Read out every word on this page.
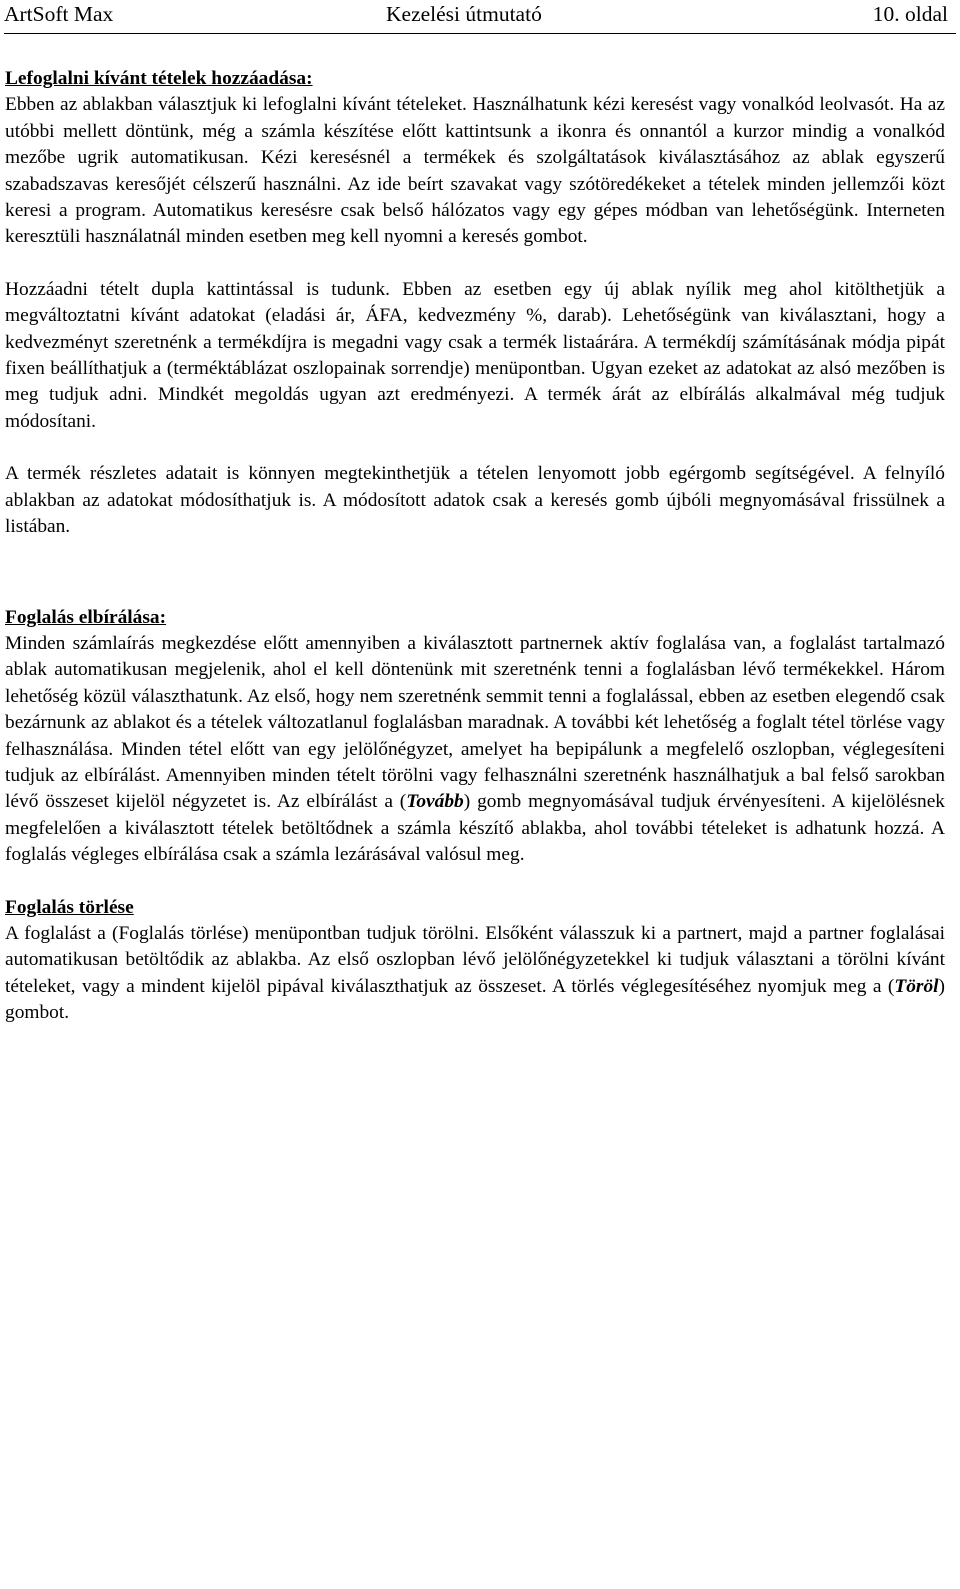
ArtSoft Max	Kezelési útmutató	10. oldal

Lefoglalni kívánt tételek hozzáadása:

Ebben az ablakban választjuk ki lefoglalni kívánt tételeket. Használhatunk kézi keresést vagy vonalkód leolvasót. Ha az utóbbi mellett döntünk, még a számla készítése előtt kattintsunk a ikonra és onnantól a kurzor mindig a vonalkód mezőbe ugrik automatikusan. Kézi keresésnél a termékek és szolgáltatások kiválasztásához az ablak egyszerű szabadszavas keresőjét célszerű használni. Az ide beírt szavakat vagy szótöredékeket a tételek minden jellemzői közt keresi a program. Automatikus keresésre csak belső hálózatos vagy egy gépes módban van lehetőségünk. Interneten keresztüli használatnál minden esetben meg kell nyomni a keresés gombot.

Hozzáadni tételt dupla kattintással is tudunk. Ebben az esetben egy új ablak nyílik meg ahol kitölthetjük a megváltoztatni kívánt adatokat (eladási ár, ÁFA, kedvezmény %, darab). Lehetőségünk van kiválasztani, hogy a kedvezményt szeretnénk a termékdíjra is megadni vagy csak a termék listaárára. A termékdíj számításának módja pipát fixen beállíthatjuk a (terméktáblázat oszlopainak sorrendje) menüpontban. Ugyan ezeket az adatokat az alsó mezőben is meg tudjuk adni. Mindkét megoldás ugyan azt eredményezi. A termék árát az elbírálás alkalmával még tudjuk módosítani.

A termék részletes adatait is könnyen megtekinthetjük a tételen lenyomott jobb egérgomb segítségével. A felnyíló ablakban az adatokat módosíthatjuk is. A módosított adatok csak a keresés gomb újbóli megnyomásával frissülnek a listában.

Foglalás elbírálása:

Minden számlaírás megkezdése előtt amennyiben a kiválasztott partnernek aktív foglalása van, a foglalást tartalmazó ablak automatikusan megjelenik, ahol el kell döntenünk mit szeretnénk tenni a foglalásban lévő termékekkel. Három lehetőség közül választhatunk. Az első, hogy nem szeretnénk semmit tenni a foglalással, ebben az esetben elegendő csak bezárnunk az ablakot és a tételek változatlanul foglalásban maradnak. A további két lehetőség a foglalt tétel törlése vagy felhasználása. Minden tétel előtt van egy jelölőnégyzet, amelyet ha bepipálunk a megfelelő oszlopban, véglegesíteni tudjuk az elbírálást. Amennyiben minden tételt törölni vagy felhasználni szeretnénk használhatjuk a bal felső sarokban lévő összeset kijelöl négyzetet is. Az elbírálást a (Tovább) gomb megnyomásával tudjuk érvényesíteni. A kijelölésnek megfelelően a kiválasztott tételek betöltődnek a számla készítő ablakba, ahol további tételeket is adhatunk hozzá. A foglalás végleges elbírálása csak a számla lezárásával valósul meg.

Foglalás törlése

A foglalást a (Foglalás törlése) menüpontban tudjuk törölni. Elsőként válasszuk ki a partnert, majd a partner foglalásai automatikusan betöltődik az ablakba. Az első oszlopban lévő jelölőnégyzetekkel ki tudjuk választani a törölni kívánt tételeket, vagy a mindent kijelöl pipával kiválaszthatjuk az összeset. A törlés véglegesítéséhez nyomjuk meg a (Töröl) gombot.
